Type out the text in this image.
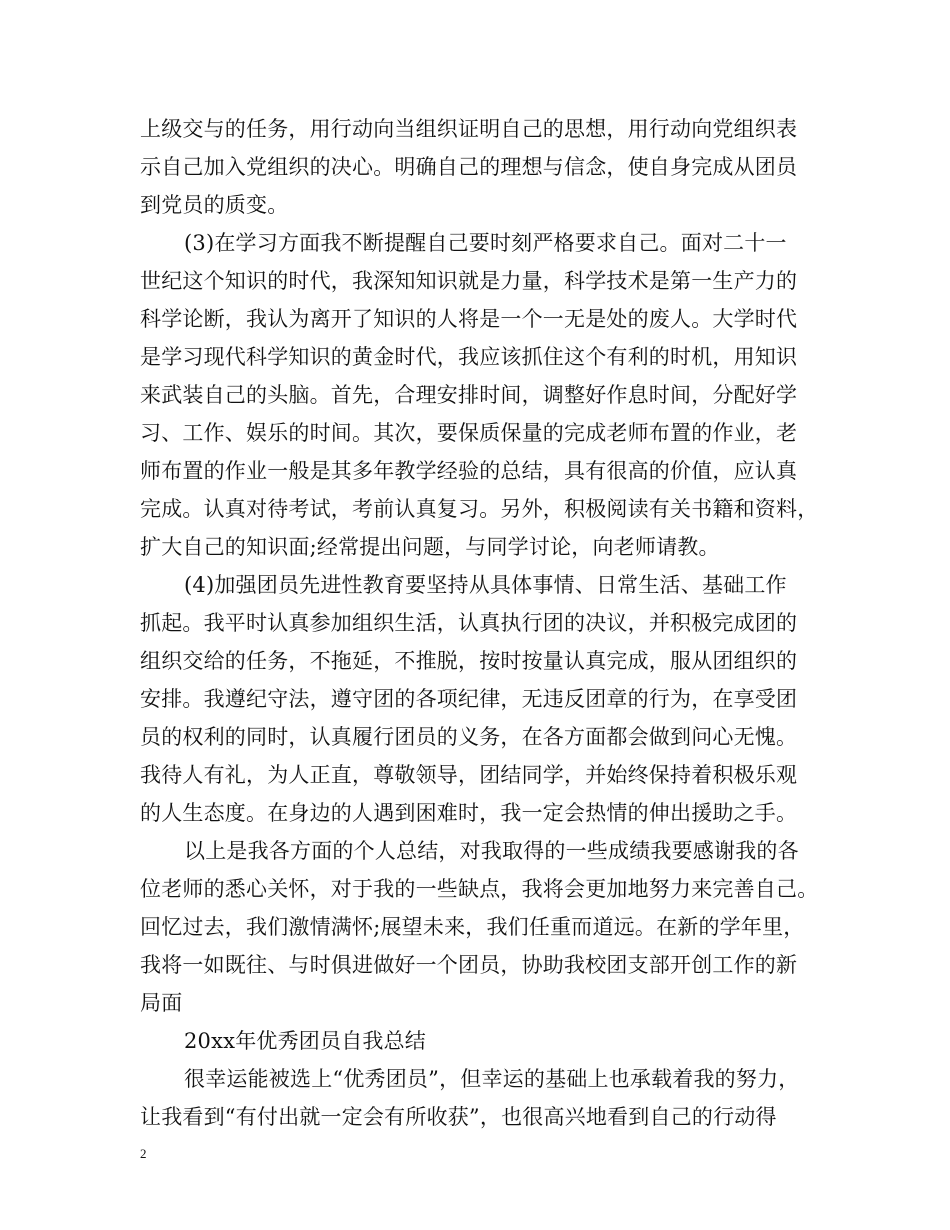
上级交与的任务，用行动向当组织证明自己的思想，用行动向党组织表
示自己加入党组织的决心。明确自己的理想与信念，使自身完成从团员
到党员的质变。
(3)在学习方面我不断提醒自己要时刻严格要求自己。面对二十一
世纪这个知识的时代，我深知知识就是力量，科学技术是第一生产力的
科学论断，我认为离开了知识的人将是一个一无是处的废人。大学时代
是学习现代科学知识的黄金时代，我应该抓住这个有利的时机，用知识
来武装自己的头脑。首先，合理安排时间，调整好作息时间，分配好学
习、工作、娱乐的时间。其次，要保质保量的完成老师布置的作业，老
师布置的作业一般是其多年教学经验的总结，具有很高的价值，应认真
完成。认真对待考试，考前认真复习。另外，积极阅读有关书籍和资料，
扩大自己的知识面;经常提出问题，与同学讨论，向老师请教。
(4)加强团员先进性教育要坚持从具体事情、日常生活、基础工作
抓起。我平时认真参加组织生活，认真执行团的决议，并积极完成团的
组织交给的任务，不拖延，不推脱，按时按量认真完成，服从团组织的
安排。我遵纪守法，遵守团的各项纪律，无违反团章的行为，在享受团
员的权利的同时，认真履行团员的义务，在各方面都会做到问心无愧。
我待人有礼，为人正直，尊敬领导，团结同学，并始终保持着积极乐观
的人生态度。在身边的人遇到困难时，我一定会热情的伸出援助之手。
以上是我各方面的个人总结，对我取得的一些成绩我要感谢我的各
位老师的悉心关怀，对于我的一些缺点，我将会更加地努力来完善自己。
回忆过去，我们激情满怀;展望未来，我们任重而道远。在新的学年里，
我将一如既往、与时俱进做好一个团员，协助我校团支部开创工作的新
局面
20xx年优秀团员自我总结
很幸运能被选上“优秀团员”，但幸运的基础上也承载着我的努力，
让我看到“有付出就一定会有所收获”，也很高兴地看到自己的行动得
2
